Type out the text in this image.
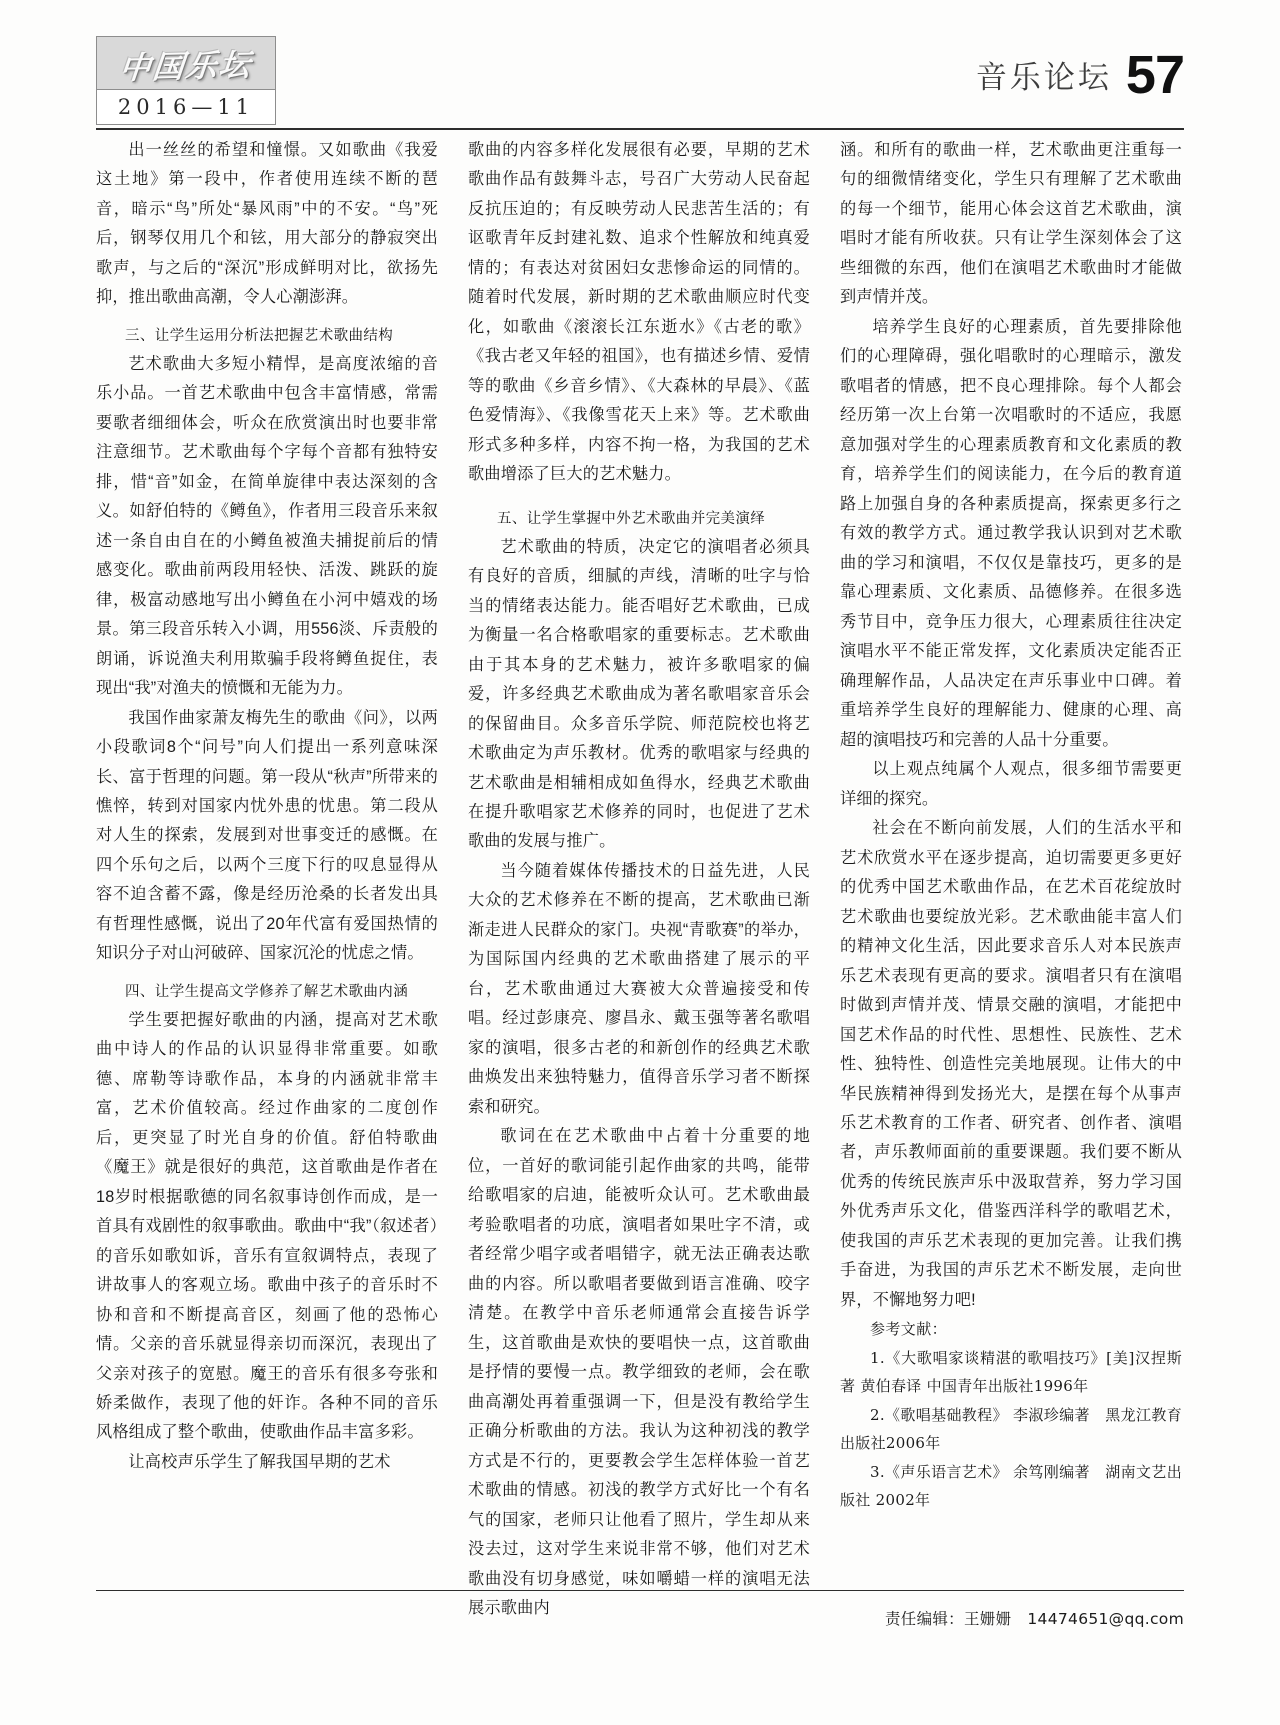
中国乐坛
2016—11
音乐论坛 57

出一丝丝的希望和憧憬。又如歌曲《我爱这土地》第一段中，作者使用连续不断的琶音，暗示“鸟”所处“暴风雨”中的不安。“鸟”死后，钢琴仅用几个和铉，用大部分的静寂突出歌声，与之后的“深沉”形成鲜明对比，欲扬先抑，推出歌曲高潮，令人心潮澎湃。

三、让学生运用分析法把握艺术歌曲结构

艺术歌曲大多短小精悍，是高度浓缩的音乐小品。一首艺术歌曲中包含丰富情感，常需要歌者细细体会，听众在欣赏演出时也要非常注意细节。艺术歌曲每个字每个音都有独特安排，惜“音”如金，在简单旋律中表达深刻的含义。如舒伯特的《鳟鱼》，作者用三段音乐来叙述一条自由自在的小鳟鱼被渔夫捕捉前后的情感变化。歌曲前两段用轻快、活泼、跳跃的旋律，极富动感地写出小鳟鱼在小河中嬉戏的场景。第三段音乐转入小调，用556淡、斥责般的朗诵，诉说渔夫利用欺骗手段将鳟鱼捉住，表现出“我”对渔夫的愤慨和无能为力。

我国作曲家萧友梅先生的歌曲《问》，以两小段歌词8个“问号”向人们提出一系列意味深长、富于哲理的问题。第一段从“秋声”所带来的憔悴，转到对国家内忧外患的忧患。第二段从对人生的探索，发展到对世事变迁的感慨。在四个乐句之后，以两个三度下行的叹息显得从容不迫含蓄不露，像是经历沧桑的长者发出具有哲理性感慨，说出了20年代富有爱国热情的知识分子对山河破碎、国家沉沦的忧虑之情。

四、让学生提高文学修养了解艺术歌曲内涵

学生要把握好歌曲的内涵，提高对艺术歌曲中诗人的作品的认识显得非常重要。如歌德、席勒等诗歌作品，本身的内涵就非常丰富，艺术价值较高。经过作曲家的二度创作后，更突显了时光自身的价值。舒伯特歌曲《魔王》就是很好的典范，这首歌曲是作者在18岁时根据歌德的同名叙事诗创作而成，是一首具有戏剧性的叙事歌曲。歌曲中“我”（叙述者）的音乐如歌如诉，音乐有宣叙调特点，表现了讲故事人的客观立场。歌曲中孩子的音乐时不协和音和不断提高音区，刻画了他的恐怖心情。父亲的音乐就显得亲切而深沉，表现出了父亲对孩子的宽慰。魔王的音乐有很多夸张和娇柔做作，表现了他的奸诈。各种不同的音乐风格组成了整个歌曲，使歌曲作品丰富多彩。

让高校声乐学生了解我国早期的艺术

歌曲的内容多样化发展很有必要，早期的艺术歌曲作品有鼓舞斗志，号召广大劳动人民奋起反抗压迫的；有反映劳动人民悲苦生活的；有讴歌青年反封建礼数、追求个性解放和纯真爱情的；有表达对贫困妇女悲惨命运的同情的。随着时代发展，新时期的艺术歌曲顺应时代变化，如歌曲《滚滚长江东逝水》《古老的歌》《我古老又年轻的祖国》，也有描述乡情、爱情等的歌曲《乡音乡情》、《大森林的早晨》、《蓝色爱情海》、《我像雪花天上来》等。艺术歌曲形式多种多样，内容不拘一格，为我国的艺术歌曲增添了巨大的艺术魅力。

五、让学生掌握中外艺术歌曲并完美演绎

艺术歌曲的特质，决定它的演唱者必须具有良好的音质，细腻的声线，清晰的吐字与恰当的情绪表达能力。能否唱好艺术歌曲，已成为衡量一名合格歌唱家的重要标志。艺术歌曲由于其本身的艺术魅力，被许多歌唱家的偏爱，许多经典艺术歌曲成为著名歌唱家音乐会的保留曲目。众多音乐学院、师范院校也将艺术歌曲定为声乐教材。优秀的歌唱家与经典的艺术歌曲是相辅相成如鱼得水，经典艺术歌曲在提升歌唱家艺术修养的同时，也促进了艺术歌曲的发展与推广。

当今随着媒体传播技术的日益先进，人民大众的艺术修养在不断的提高，艺术歌曲已渐渐走进人民群众的家门。央视“青歌赛”的举办，为国际国内经典的艺术歌曲搭建了展示的平台，艺术歌曲通过大赛被大众普遍接受和传唱。经过彭康亮、廖昌永、戴玉强等著名歌唱家的演唱，很多古老的和新创作的经典艺术歌曲焕发出来独特魅力，值得音乐学习者不断探索和研究。

歌词在在艺术歌曲中占着十分重要的地位，一首好的歌词能引起作曲家的共鸣，能带给歌唱家的启迪，能被听众认可。艺术歌曲最考验歌唱者的功底，演唱者如果吐字不清，或者经常少唱字或者唱错字，就无法正确表达歌曲的内容。所以歌唱者要做到语言准确、咬字清楚。在教学中音乐老师通常会直接告诉学生，这首歌曲是欢快的要唱快一点，这首歌曲是抒情的要慢一点。教学细致的老师，会在歌曲高潮处再着重强调一下，但是没有教给学生正确分析歌曲的方法。我认为这种初浅的教学方式是不行的，更要教会学生怎样体验一首艺术歌曲的情感。初浅的教学方式好比一个有名气的国家，老师只让他看了照片，学生却从来没去过，这对学生来说非常不够，他们对艺术歌曲没有切身感觉，味如嚼蜡一样的演唱无法展示歌曲内

涵。和所有的歌曲一样，艺术歌曲更注重每一句的细微情绪变化，学生只有理解了艺术歌曲的每一个细节，能用心体会这首艺术歌曲，演唱时才能有所收获。只有让学生深刻体会了这些细微的东西，他们在演唱艺术歌曲时才能做到声情并茂。

培养学生良好的心理素质，首先要排除他们的心理障碍，强化唱歌时的心理暗示，激发歌唱者的情感，把不良心理排除。每个人都会经历第一次上台第一次唱歌时的不适应，我愿意加强对学生的心理素质教育和文化素质的教育，培养学生们的阅读能力，在今后的教育道路上加强自身的各种素质提高，探索更多行之有效的教学方式。通过教学我认识到对艺术歌曲的学习和演唱，不仅仅是靠技巧，更多的是靠心理素质、文化素质、品德修养。在很多选秀节目中，竞争压力很大，心理素质往往决定演唱水平不能正常发挥，文化素质决定能否正确理解作品，人品决定在声乐事业中口碑。着重培养学生良好的理解能力、健康的心理、高超的演唱技巧和完善的人品十分重要。

以上观点纯属个人观点，很多细节需要更详细的探究。

社会在不断向前发展，人们的生活水平和艺术欣赏水平在逐步提高，迫切需要更多更好的优秀中国艺术歌曲作品，在艺术百花绽放时艺术歌曲也要绽放光彩。艺术歌曲能丰富人们的精神文化生活，因此要求音乐人对本民族声乐艺术表现有更高的要求。演唱者只有在演唱时做到声情并茂、情景交融的演唱，才能把中国艺术作品的时代性、思想性、民族性、艺术性、独特性、创造性完美地展现。让伟大的中华民族精神得到发扬光大，是摆在每个从事声乐艺术教育的工作者、研究者、创作者、演唱者，声乐教师面前的重要课题。我们要不断从优秀的传统民族声乐中汲取营养，努力学习国外优秀声乐文化，借鉴西洋科学的歌唱艺术，使我国的声乐艺术表现的更加完善。让我们携手奋进，为我国的声乐艺术不断发展，走向世界，不懈地努力吧!

参考文献：

1.《大歌唱家谈精湛的歌唱技巧》[美]汉捏斯著 黄伯春译 中国青年出版社1996年

2.《歌唱基础教程》 李淑珍编著　黑龙江教育出版社2006年

3.《声乐语言艺术》 余笃刚编著　湖南文艺出版社 2002年

责任编辑：王姗姗 14474651@qq.com
